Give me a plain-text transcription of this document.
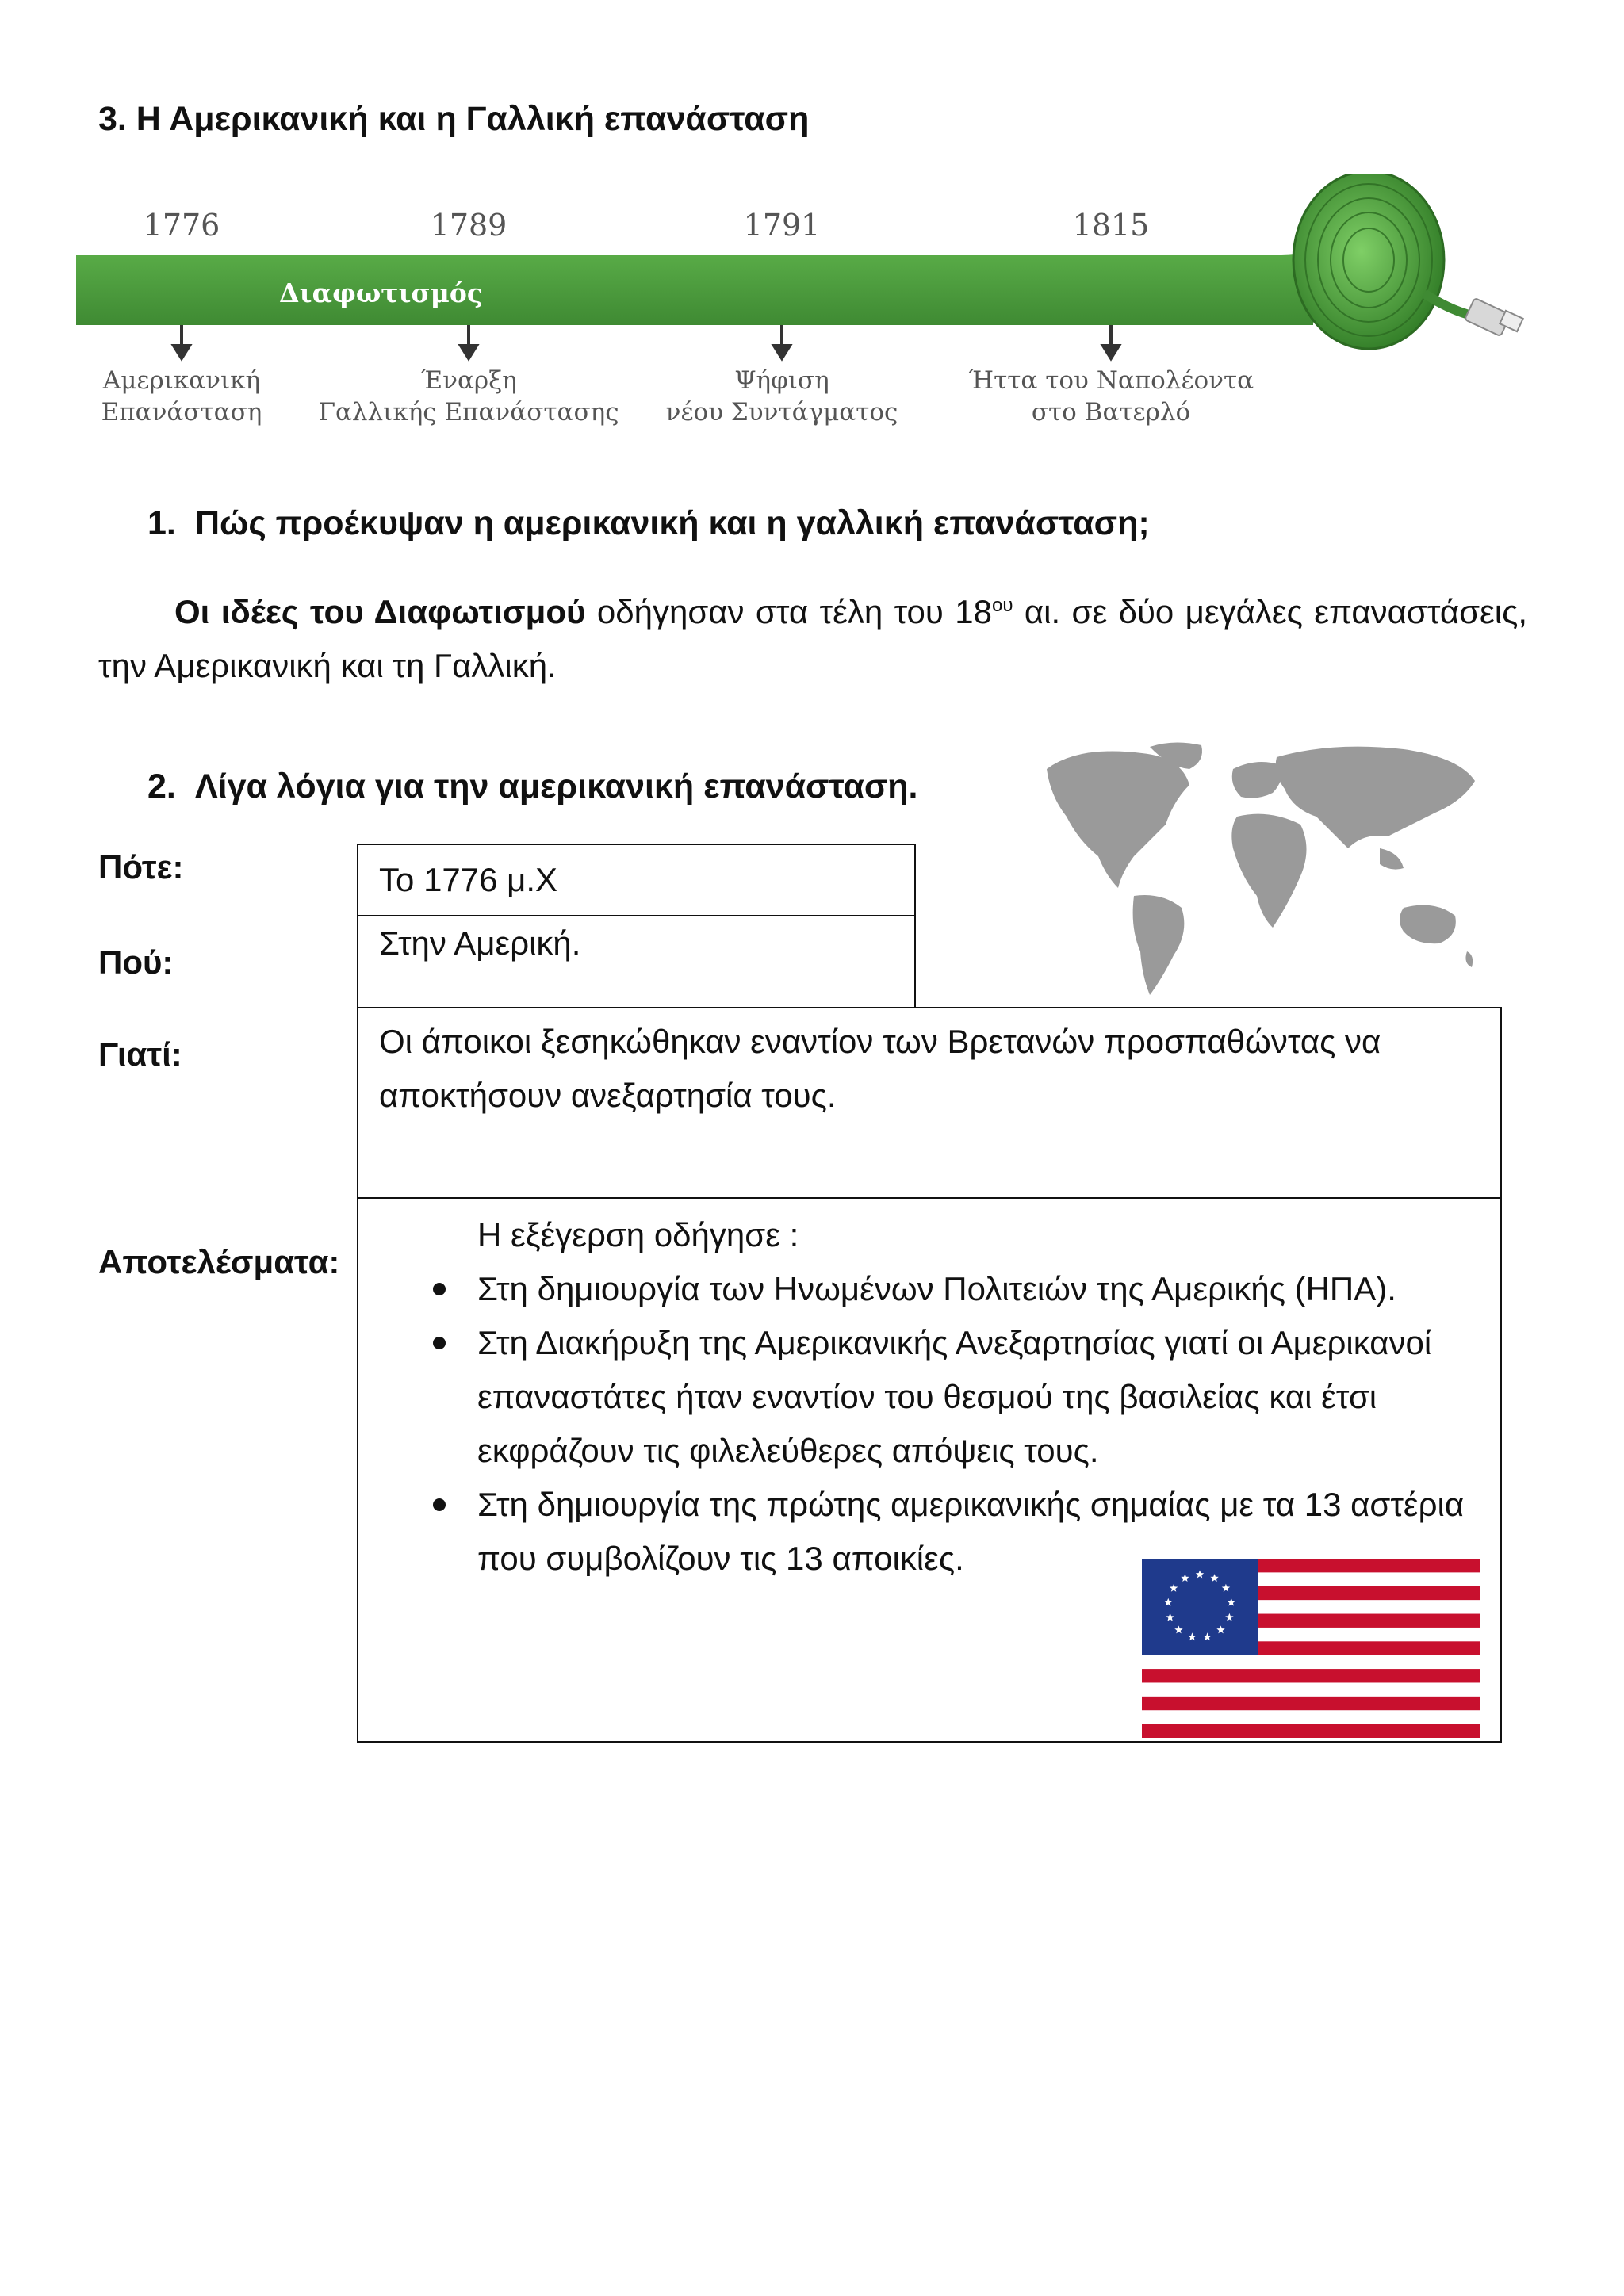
3. Η Αμερικανική και η Γαλλική επανάσταση
Διαφωτισμός
1776
Αμερικανική
Επανάσταση
1789
Έναρξη
Γαλλικής Επανάστασης
1791
Ψήφιση
νέου Συντάγματος
1815
Ήττα του Ναπολέοντα
στο Βατερλό
1. Πώς προέκυψαν η αμερικανική και η γαλλική επανάσταση;

Οι ιδέες του Διαφωτισμού οδήγησαν στα τέλη του $18^{o\upsilon}$ αι. σε δύο μεγάλες επαναστάσεις, την Αμερικανική και τη Γαλλική.

2. Λίγα λόγια για την αμερικανική επανάσταση.
Πότε:
Πού:
Γιατί:
Αποτελέσματα:
Το 1776 μ.Χ
Στην Αμερική.
Οι άποικοι ξεσηκώθηκαν εναντίον των Βρετανών προσπαθώντας να αποκτήσουν ανεξαρτησία τους.
Η εξέγερση οδήγησε :
Στη δημιουργία των Ηνωμένων Πολιτειών της Αμερικής (ΗΠΑ).
Στη Διακήρυξη της Αμερικανικής Ανεξαρτησίας γιατί οι Αμερικανοί επαναστάτες ήταν εναντίον του θεσμού της βασιλείας και έτσι εκφράζουν τις φιλελεύθερες απόψεις τους.
Στη δημιουργία της πρώτης αμερικανικής σημαίας με τα 13 αστέρια που συμβολίζουν τις 13 αποικίες.
